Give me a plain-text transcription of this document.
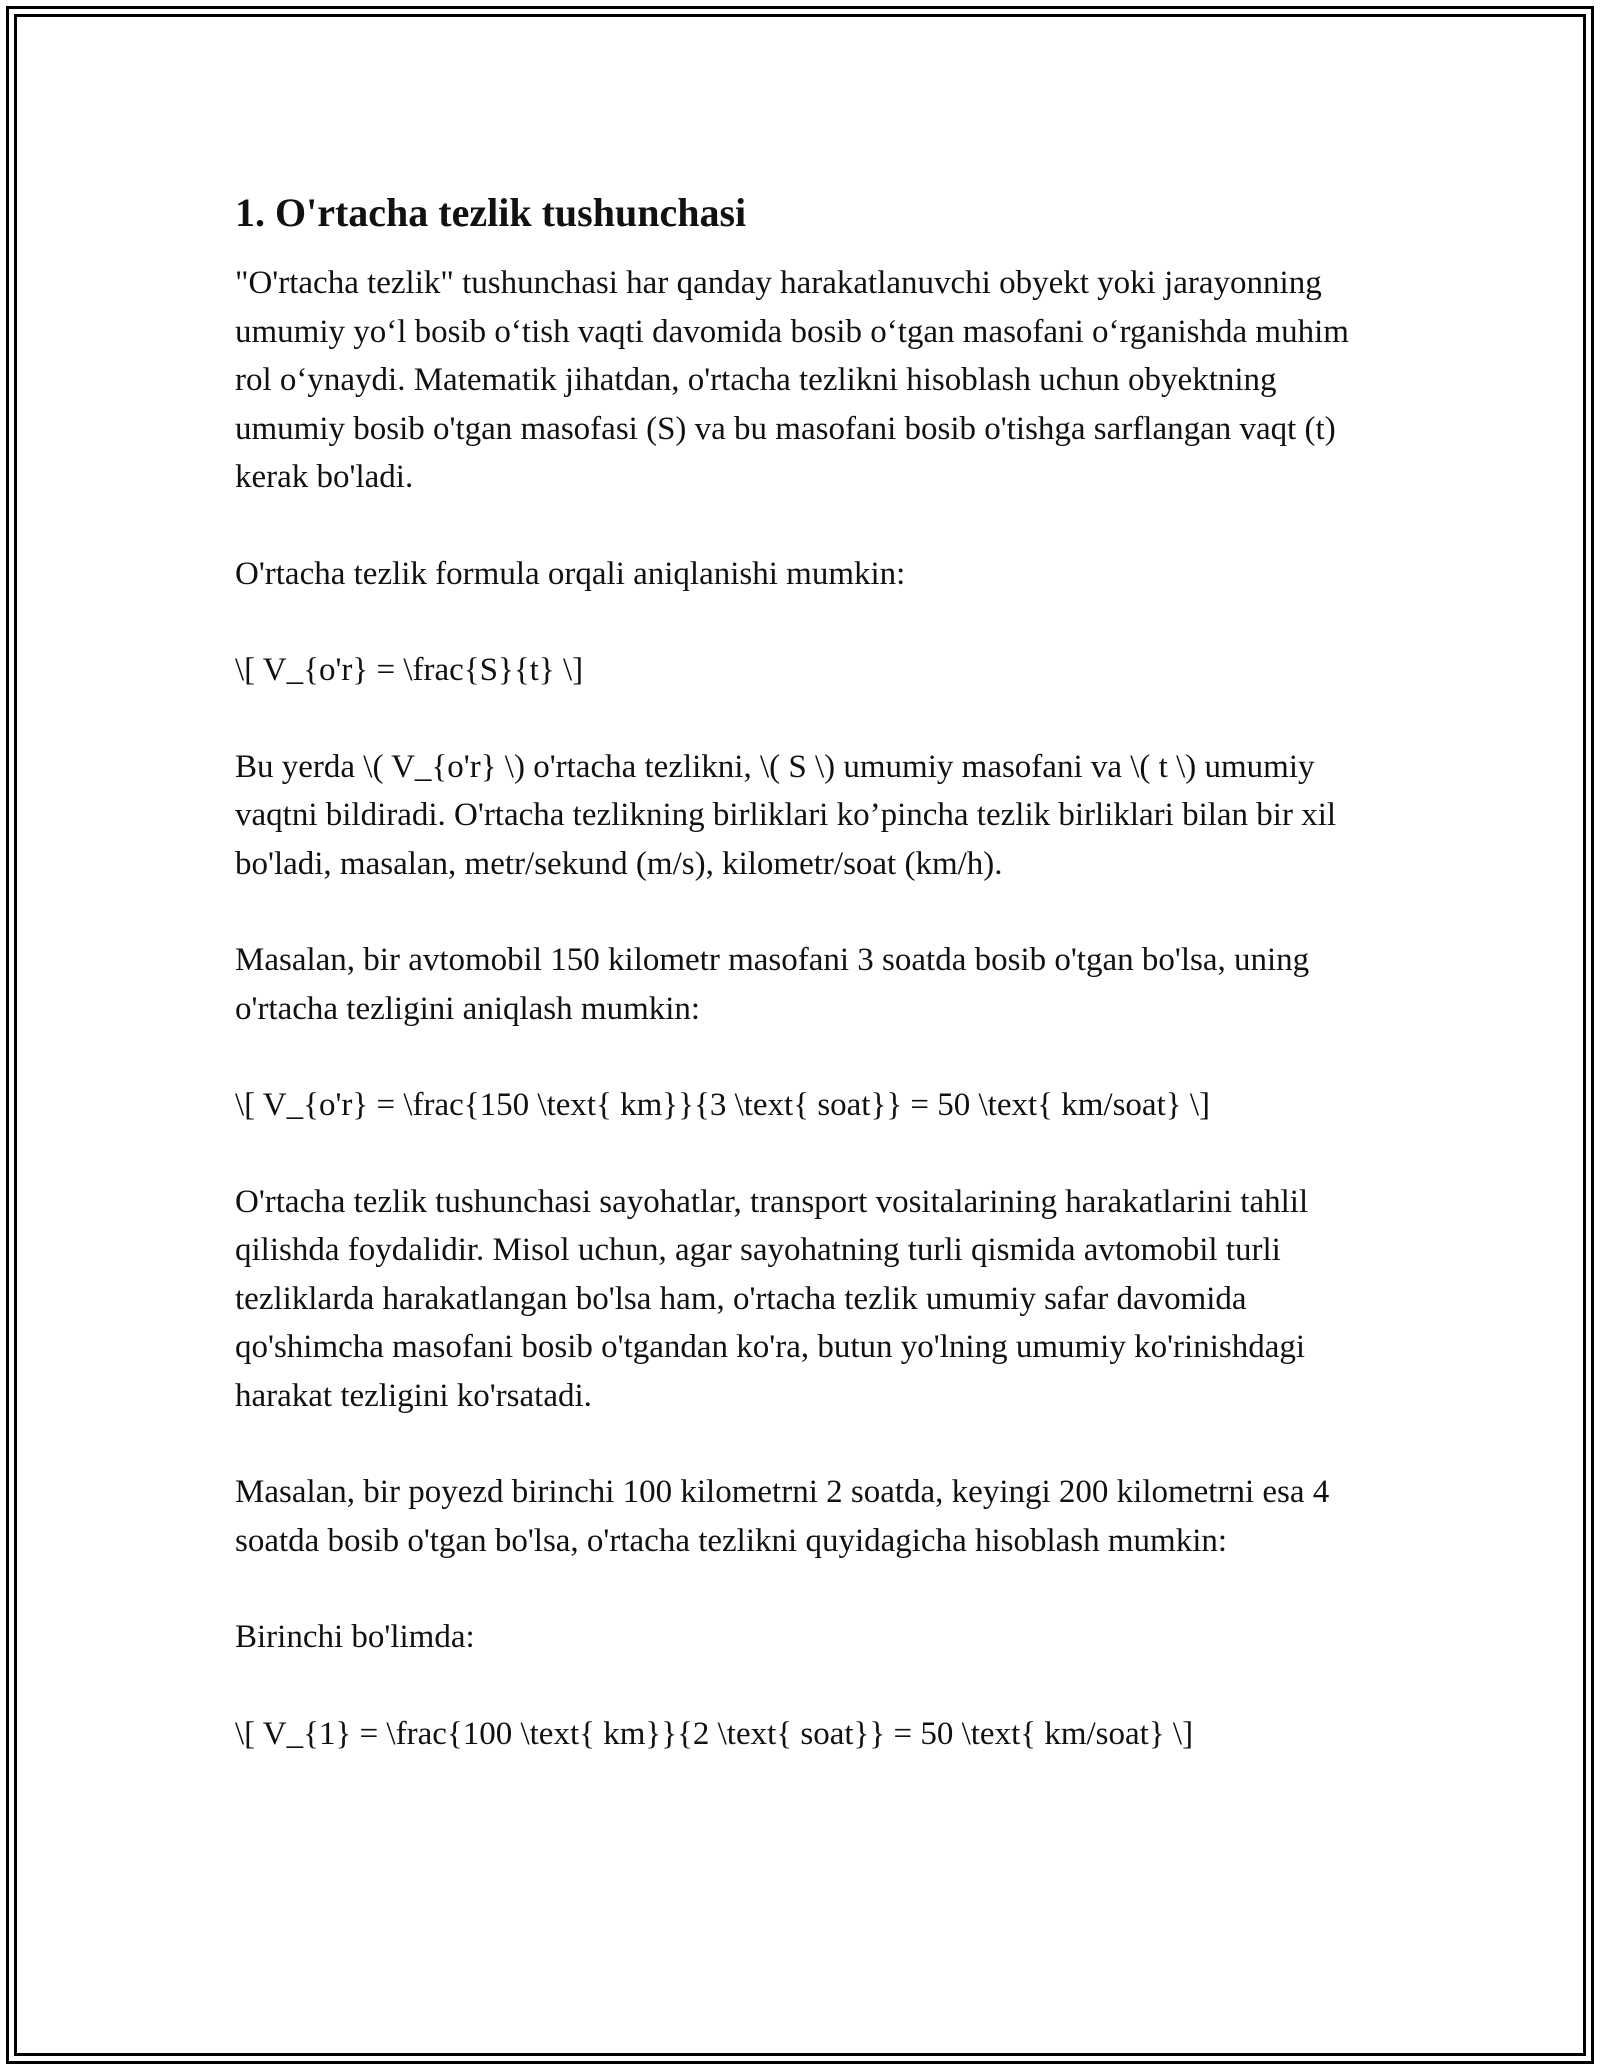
1. O'rtacha tezlik tushunchasi

"O'rtacha tezlik" tushunchasi har qanday harakatlanuvchi obyekt yoki jarayonning umumiy yo‘l bosib o‘tish vaqti davomida bosib o‘tgan masofani o‘rganishda muhim rol o‘ynaydi. Matematik jihatdan, o'rtacha tezlikni hisoblash uchun obyektning umumiy bosib o'tgan masofasi (S) va bu masofani bosib o'tishga sarflangan vaqt (t) kerak bo'ladi.

O'rtacha tezlik formula orqali aniqlanishi mumkin:

\[ V_{o'r} = \frac{S}{t} \]

Bu yerda \( V_{o'r} \) o'rtacha tezlikni, \( S \) umumiy masofani va \( t \) umumiy vaqtni bildiradi. O'rtacha tezlikning birliklari ko’pincha tezlik birliklari bilan bir xil bo'ladi, masalan, metr/sekund (m/s), kilometr/soat (km/h).

Masalan, bir avtomobil 150 kilometr masofani 3 soatda bosib o'tgan bo'lsa, uning o'rtacha tezligini aniqlash mumkin:

\[ V_{o'r} = \frac{150 \text{ km}}{3 \text{ soat}} = 50 \text{ km/soat} \]

O'rtacha tezlik tushunchasi sayohatlar, transport vositalarining harakatlarini tahlil qilishda foydalidir. Misol uchun, agar sayohatning turli qismida avtomobil turli tezliklarda harakatlangan bo'lsa ham, o'rtacha tezlik umumiy safar davomida qo'shimcha masofani bosib o'tgandan ko'ra, butun yo'lning umumiy ko'rinishdagi harakat tezligini ko'rsatadi.

Masalan, bir poyezd birinchi 100 kilometrni 2 soatda, keyingi 200 kilometrni esa 4 soatda bosib o'tgan bo'lsa, o'rtacha tezlikni quyidagicha hisoblash mumkin:

Birinchi bo'limda:

\[ V_{1} = \frac{100 \text{ km}}{2 \text{ soat}} = 50 \text{ km/soat} \]
